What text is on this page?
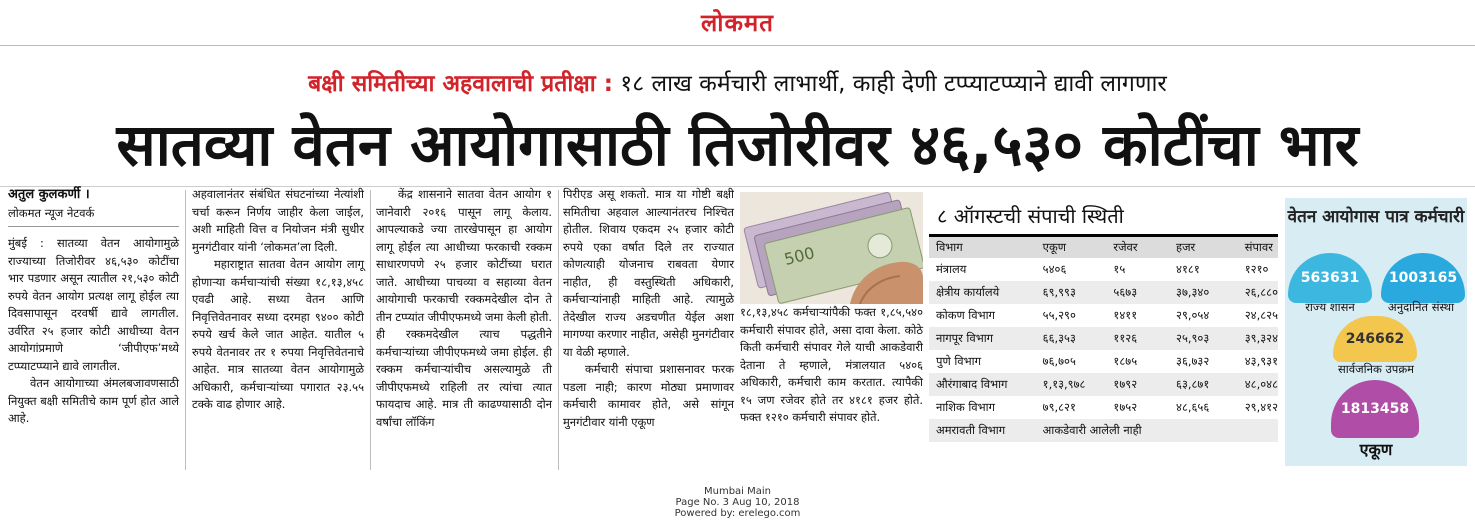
लोकमत
बक्षी समितीच्या अहवालाची प्रतीक्षा : १८ लाख कर्मचारी लाभार्थी, काही देणी टप्प्याटप्प्याने द्यावी लागणार
सातव्या वेतन आयोगासाठी तिजोरीवर ४६,५३० कोटींचा भार
अतुल कुलकर्णी ।
लोकमत न्यूज नेटवर्क

मुंबई : सातव्या वेतन आयोगामुळे राज्याच्या तिजोरीवर ४६,५३० कोटींचा भार पडणार असून त्यातील २१,५३० कोटी रुपये वेतन आयोग प्रत्यक्ष लागू होईल त्या दिवसापासून दरवर्षी द्यावे लागतील. उर्वरित २५ हजार कोटी आधीच्या वेतन आयोगांप्रमाणे ‘जीपीएफ’मध्ये टप्प्याटप्प्याने द्यावे लागतील.

वेतन आयोगाच्या अंमलबजावणसाठी नियुक्त बक्षी समितीचे काम पूर्ण होत आले आहे.

अहवालानंतर संबंधित संघटनांच्या नेत्यांशी चर्चा करून निर्णय जाहीर केला जाईल, अशी माहिती वित्त व नियोजन मंत्री सुधीर मुनगंटीवार यांनी ‘लोकमत’ला दिली.

महाराष्ट्रात सातवा वेतन आयोग लागू होणाऱ्या कर्मचाऱ्यांची संख्या १८,१३,४५८ एवढी आहे. सध्या वेतन आणि निवृत्तिवेतनावर सध्या दरमहा ९४०० कोटी रुपये खर्च केले जात आहेत. यातील ५ रुपये वेतनावर तर १ रुपया निवृत्तिवेतनाचे आहेत. मात्र सातव्या वेतन आयोगामुळे अधिकारी, कर्मचाऱ्यांच्या पगारात २३.५५ टक्के वाढ होणार आहे.

केंद्र शासनाने सातवा वेतन आयोग १ जानेवारी २०१६ पासून लागू केलाय. आपल्याकडे ज्या तारखेपासून हा आयोग लागू होईल त्या आधीच्या फरकाची रक्कम साधारणपणे २५ हजार कोटींच्या घरात जाते. आधीच्या पाचव्या व सहाव्या वेतन आयोगाची फरकाची रक्कमदेखील दोन ते तीन टप्प्यांत जीपीएफमध्ये जमा केली होती. ही रक्कमदेखील त्याच पद्धतीने कर्मचाऱ्यांच्या जीपीएफमध्ये जमा होईल. ही रक्कम कर्मचाऱ्यांचीच असल्यामुळे ती जीपीएफमध्ये राहिली तर त्यांचा त्यात फायदाच आहे. मात्र ती काढण्यासाठी दोन वर्षांचा लॉकिंग

पिरीएड असू शकतो. मात्र या गोष्टी बक्षी समितीचा अहवाल आल्यानंतरच निश्चित होतील. शिवाय एकदम २५ हजार कोटी रुपये एका वर्षात दिले तर राज्यात कोणत्याही योजनाच राबवता येणार नाहीत, ही वस्तुस्थिती अधिकारी, कर्मचाऱ्यांनाही माहिती आहे. त्यामुळे तेदेखील राज्य अडचणीत येईल अशा मागण्या करणार नाहीत, असेही मुनगंटीवार या वेळी म्हणाले.

कर्मचारी संपाचा प्रशासनावर फरक पडला नाही; कारण मोठ्या प्रमाणावर कर्मचारी कामावर होते, असे सांगून मुनगंटीवार यांनी एकूण

500

१८,१३,४५८ कर्मचाऱ्यांपैकी फक्त १,८५,५४० कर्मचारी संपावर होते, असा दावा केला. कोठे किती कर्मचारी संपावर गेले याची आकडेवारी देताना ते म्हणाले, मंत्रालयात ५४०६ अधिकारी, कर्मचारी काम करतात. त्यापैकी १५ जण रजेवर होते तर ४१८१ हजर होते. फक्त १२१० कर्मचारी संपावर होते.

८ ऑगस्टची संपाची स्थिती
विभाग	एकूण	रजेवर	हजर	संपावर
मंत्रालय	५४०६	१५	४१८१	१२१०
क्षेत्रीय कार्यालये	६९,९९३	५६७३	३७,३४०	२६,८८०
कोकण विभाग	५५,२९०	१४११	२९,०५४	२४,८२५
नागपूर विभाग	६६,३५३	११२६	२५,९०३	३९,३२४
पुणे विभाग	७६,७०५	१८७५	३६,७३२	४३,९३१
औरंगाबाद विभाग	१,१३,९७८	१७९२	६३,८७१	४८,०४८
नाशिक विभाग	७९,८२१	१७५२	४८,६५६	२९,४१२
अमरावती विभाग	आकडेवारी आलेली नाही			
वेतन आयोगास पात्र कर्मचारी
563631
राज्य शासन
1003165
अनुदानित संस्था
246662
सार्वजनिक उपक्रम
1813458
एकूण
Mumbai Main
Page No. 3 Aug 10, 2018
Powered by: erelego.com
